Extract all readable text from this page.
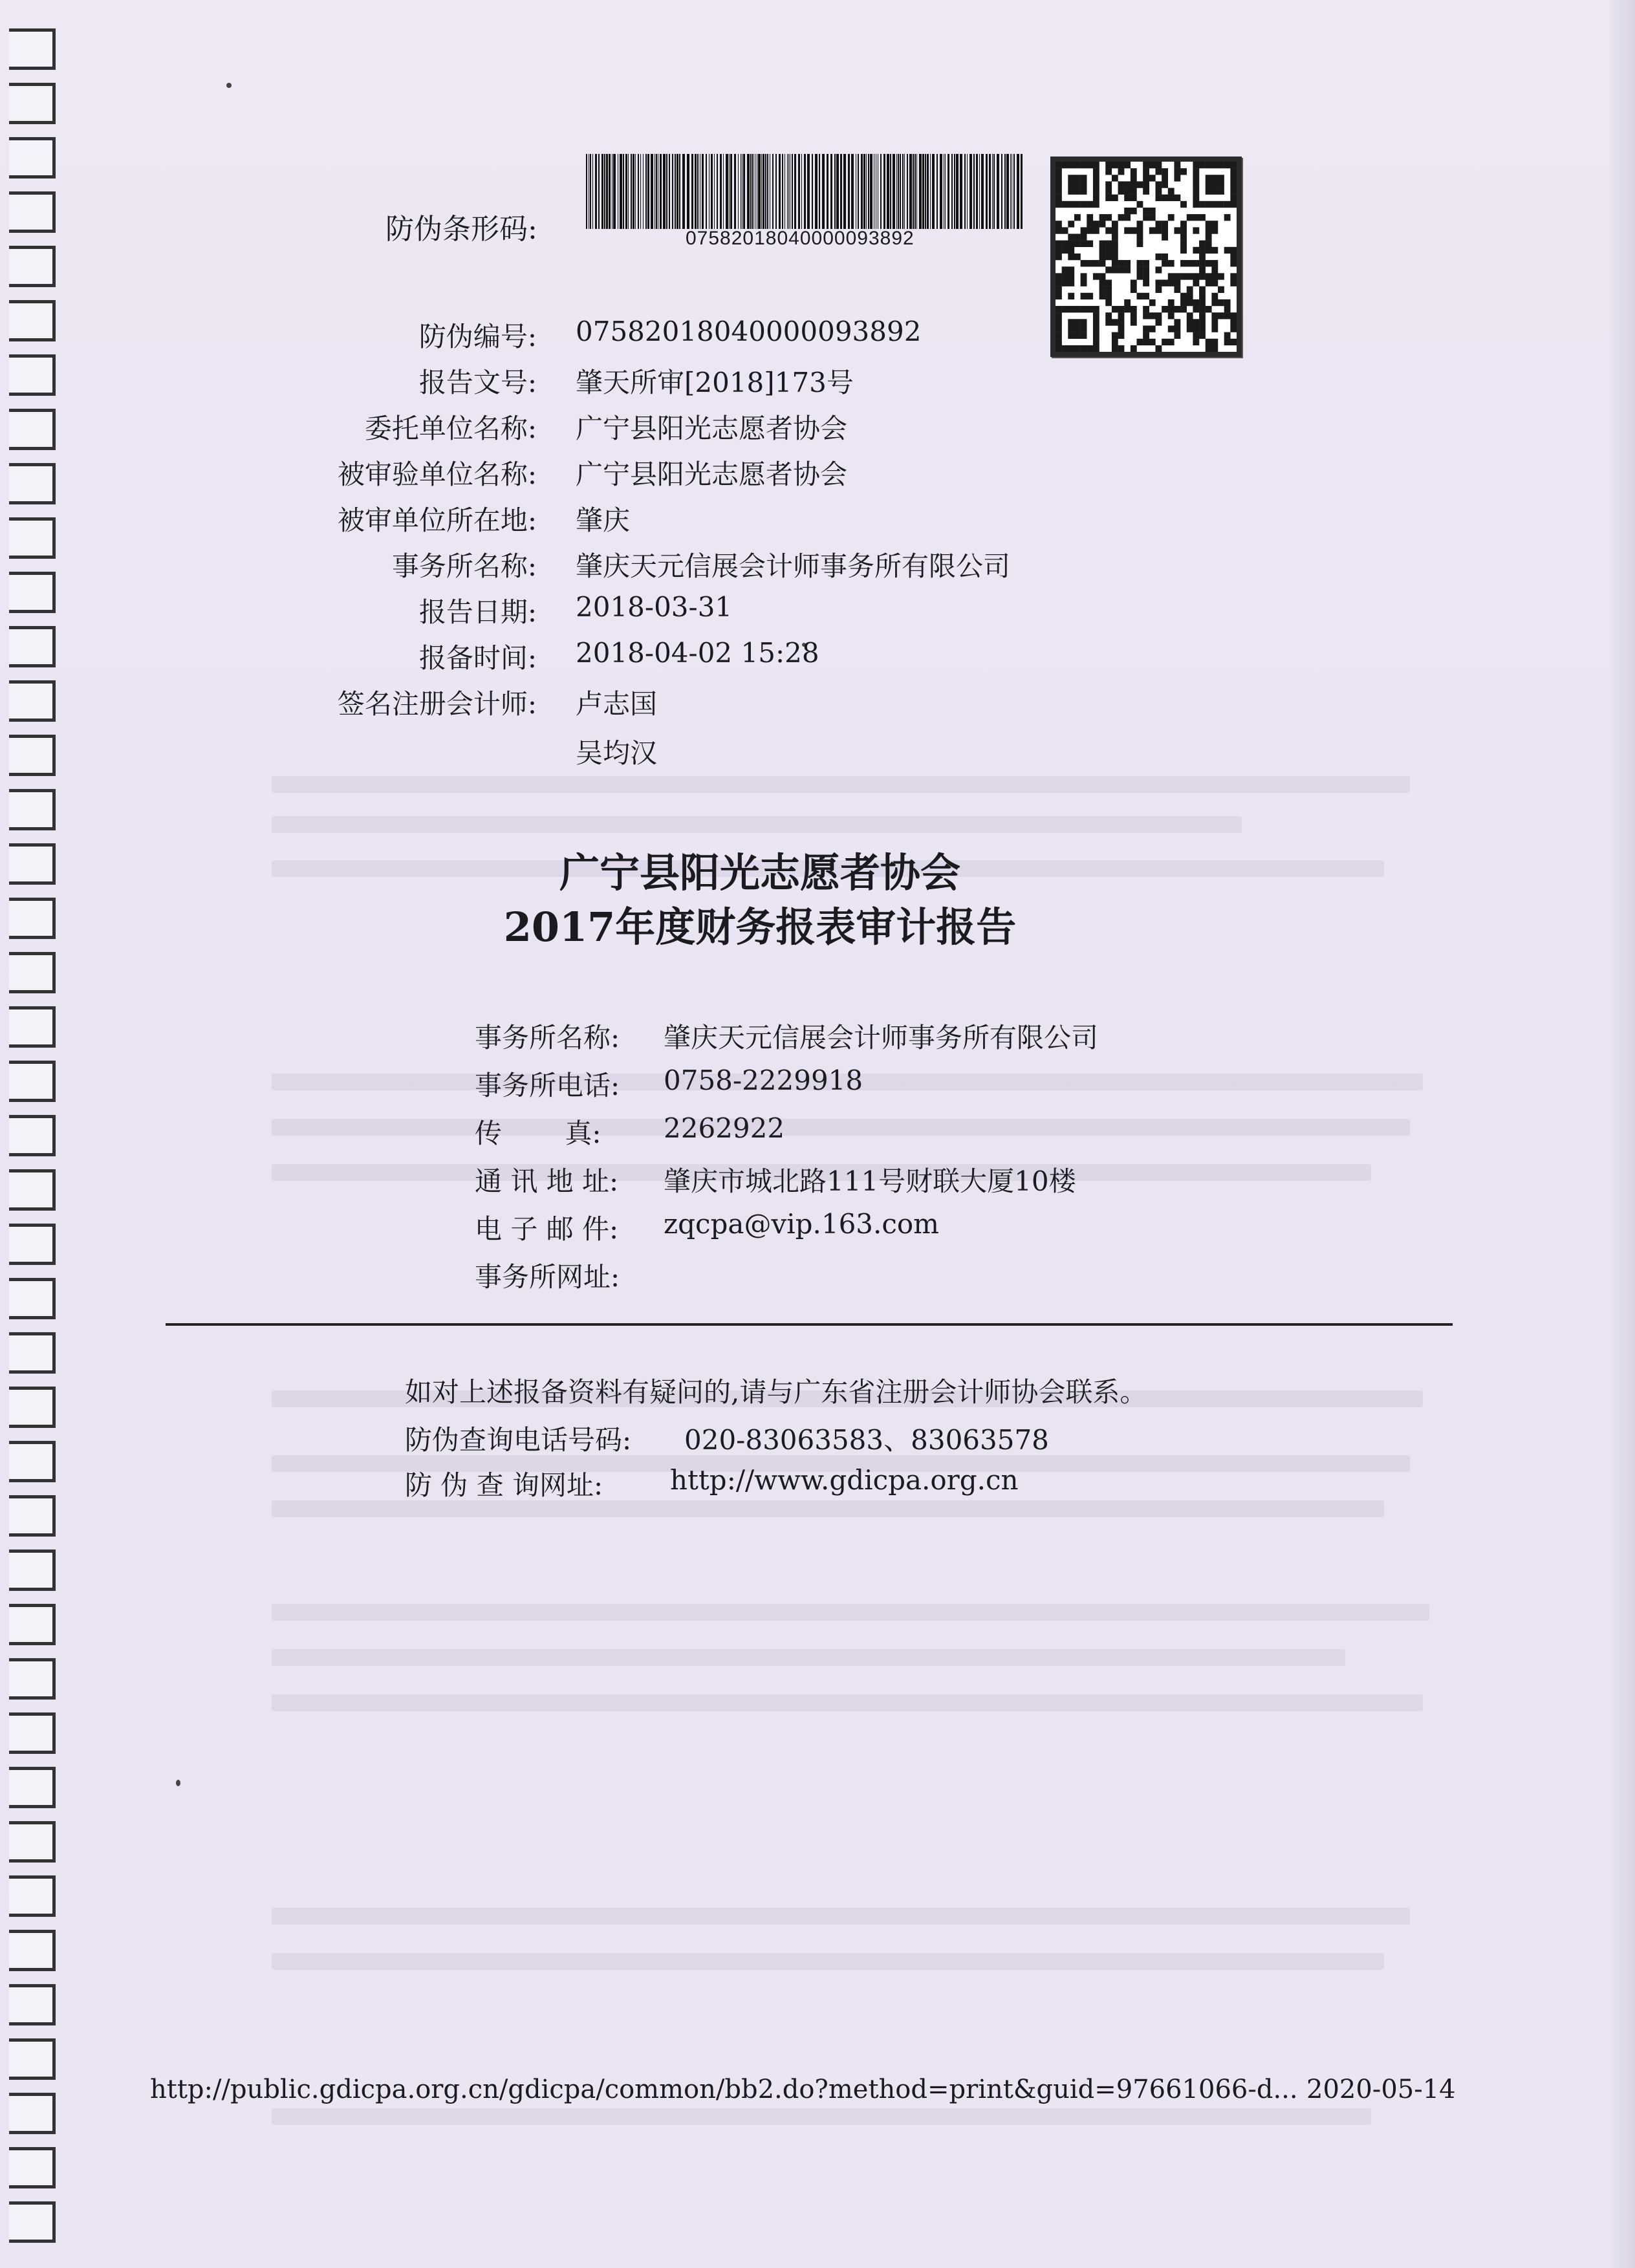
防伪条形码:	07582018040000093892
防伪编号: 07582018040000093892
报告文号: 肇天所审[2018]173号
委托单位名称: 广宁县阳光志愿者协会
被审验单位名称: 广宁县阳光志愿者协会
被审单位所在地: 肇庆
事务所名称: 肇庆天元信展会计师事务所有限公司
报告日期: 2018-03-31
报备时间: 2018-04-02 15:28
签名注册会计师: 卢志国
吴均汉
广宁县阳光志愿者协会
2017年度财务报表审计报告
事务所名称: 肇庆天元信展会计师事务所有限公司
事务所电话: 0758-2229918
传　　 真: 2262922
通 讯 地 址: 肇庆市城北路111号财联大厦10楼
电 子 邮 件: zqcpa@vip.163.com
事务所网址:
如对上述报备资料有疑问的,请与广东省注册会计师协会联系。
防伪查询电话号码: 020-83063583、83063578
防 伪 查 询网址: http://www.gdicpa.org.cn
http://public.gdicpa.org.cn/gdicpa/common/bb2.do?method=print&guid=97661066-d... 2020-05-14
